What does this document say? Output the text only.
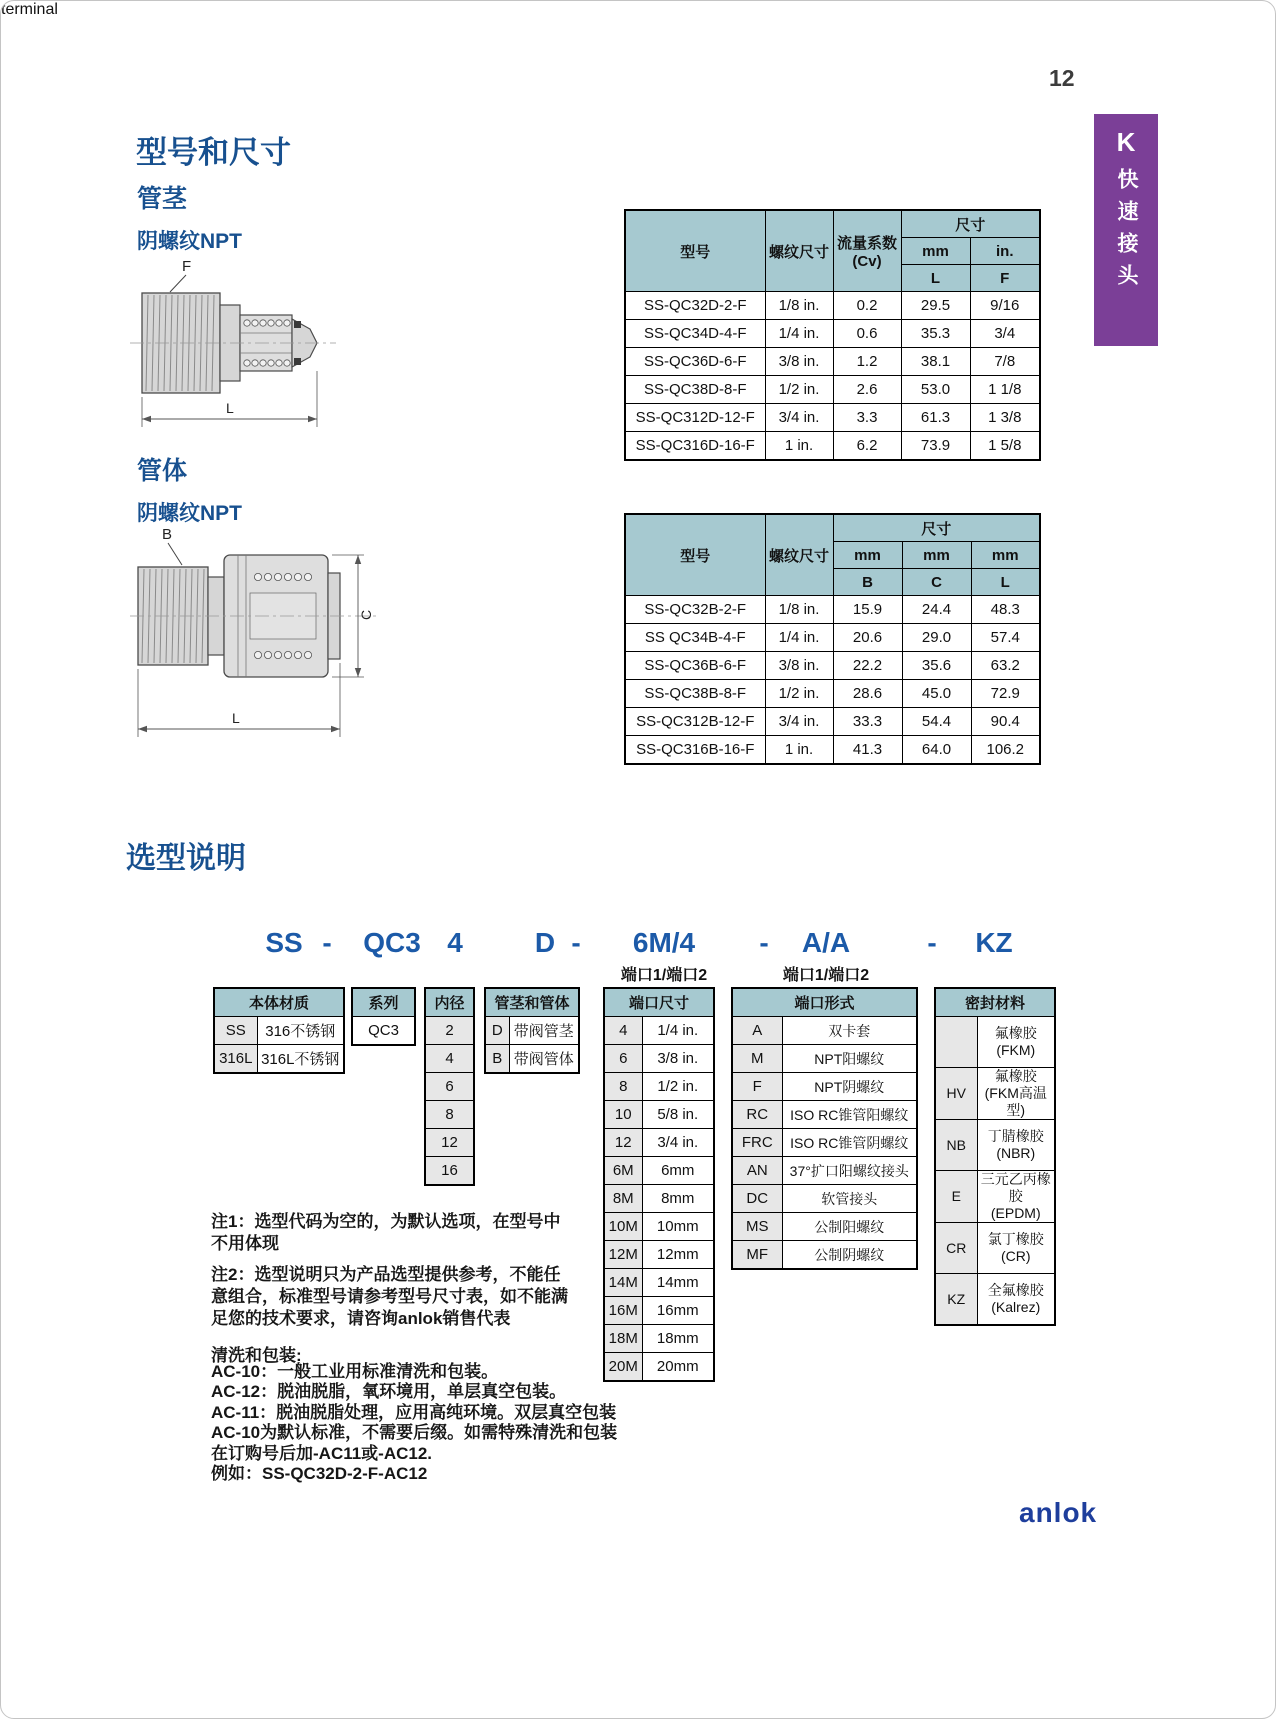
12
K
快速接头
型号和尺寸
管茎
阴螺纹NPT
F
L
型号	螺纹尺寸	流量系数
(Cv)	尺寸	
			mm	in.
			L	F
SS-QC32D-2-F	1/8 in.	0.2	29.5	9/16
SS-QC34D-4-F	1/4 in.	0.6	35.3	3/4
SS-QC36D-6-F	3/8 in.	1.2	38.1	7/8
SS-QC38D-8-F	1/2 in.	2.6	53.0	1 1/8
SS-QC312D-12-F	3/4 in.	3.3	61.3	1 3/8
SS-QC316D-16-F	1 in.	6.2	73.9	1 5/8
管体
阴螺纹NPT
B
C
L
型号	螺纹尺寸	尺寸		
		mm	mm	mm
		B	C	L
SS-QC32B-2-F	1/8 in.	15.9	24.4	48.3
SS QC34B-4-F	1/4 in.	20.6	29.0	57.4
SS-QC36B-6-F	3/8 in.	22.2	35.6	63.2
SS-QC38B-8-F	1/2 in.	28.6	45.0	72.9
SS-QC312B-12-F	3/4 in.	33.3	54.4	90.4
SS-QC316B-16-F	1 in.	41.3	64.0	106.2
选型说明
SS - QC3 4	D - 6M/4 - A/A	- KZ
端口1/端口2	端口1/端口2
本体材质	
SS	316不锈钢
316L	316L不锈钢
系列
QC3
内径
2
4
6
8
12
16
管茎和管体	
D	带阀管茎
B	带阀管体
端口尺寸	
4	1/4 in.
6	3/8 in.
8	1/2 in.
10	5/8 in.
12	3/4 in.
6M	6mm
8M	8mm
10M	10mm
12M	12mm
14M	14mm
16M	16mm
18M	18mm
20M	20mm
端口形式	
A	双卡套
M	NPT阳螺纹
F	NPT阴螺纹
RC	ISO RC锥管阳螺纹
FRC	ISO RC锥管阴螺纹
AN	37°扩口阳螺纹接头
DC	软管接头
MS	公制阳螺纹
MF	公制阴螺纹
terminal
密封材料	

	氟橡胶
(FKM)

HV	氟橡胶
(FKM高温型)

NB	丁腈橡胶
(NBR)

E	三元乙丙橡胶
(EPDM)

CR	氯丁橡胶
(CR)

KZ	全氟橡胶
(Kalrez)
注1：选型代码为空的，为默认选项，在型号中
不用体现
注2：选型说明只为产品选型提供参考，不能任
意组合，标准型号请参考型号尺寸表，如不能满
足您的技术要求，请咨询anlok销售代表
清洗和包装:
AC-10：一般工业用标准清洗和包装。
AC-12：脱油脱脂，氧环境用，单层真空包装。
AC-11：脱油脱脂处理，应用高纯环境。双层真空包装
AC-10为默认标准，不需要后缀。如需特殊清洗和包装
在订购号后加-AC11或-AC12.
例如：SS-QC32D-2-F-AC12
anlok
